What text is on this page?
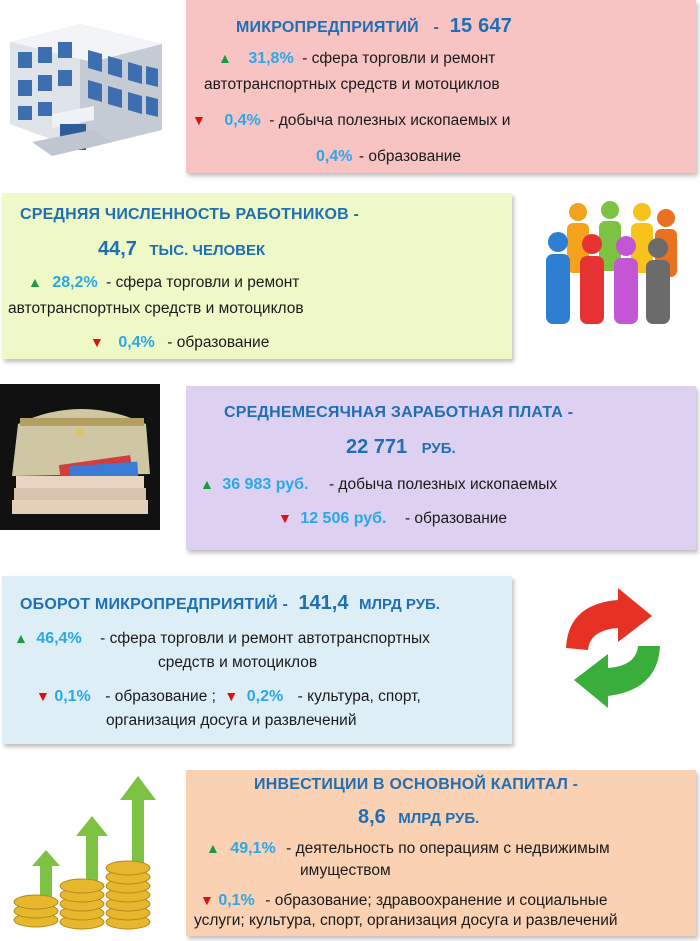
МИКРОПРЕДПРИЯТИЙ - 15 647
▲ 31,8% - сфера торговли и ремонт
автотранспортных средств и мотоциклов
▼ 0,4% - добыча полезных ископаемых и
0,4% - образование
СРЕДНЯЯ ЧИСЛЕННОСТЬ РАБОТНИКОВ -
44,7 ТЫС. ЧЕЛОВЕК
▲ 28,2% - сфера торговли и ремонт
автотранспортных средств и мотоциклов
▼ 0,4% - образование
СРЕДНЕМЕСЯЧНАЯ ЗАРАБОТНАЯ ПЛАТА -
22 771 РУБ.
▲ 36 983 руб. - добыча полезных ископаемых
▼ 12 506 руб. - образование
ОБОРОТ МИКРОПРЕДПРИЯТИЙ - 141,4 МЛРД РУБ.
▲ 46,4% - сфера торговли и ремонт автотранспортных
средств и мотоциклов
▼ 0,1% - образование ; ▼ 0,2% - культура, спорт,
организация досуга и развлечений
ИНВЕСТИЦИИ В ОСНОВНОЙ КАПИТАЛ -
8,6 МЛРД РУБ.
▲ 49,1% - деятельность по операциям с недвижимым
имуществом
▼ 0,1% - образование; здравоохранение и социальные
услуги; культура, спорт, организация досуга и развлечений
